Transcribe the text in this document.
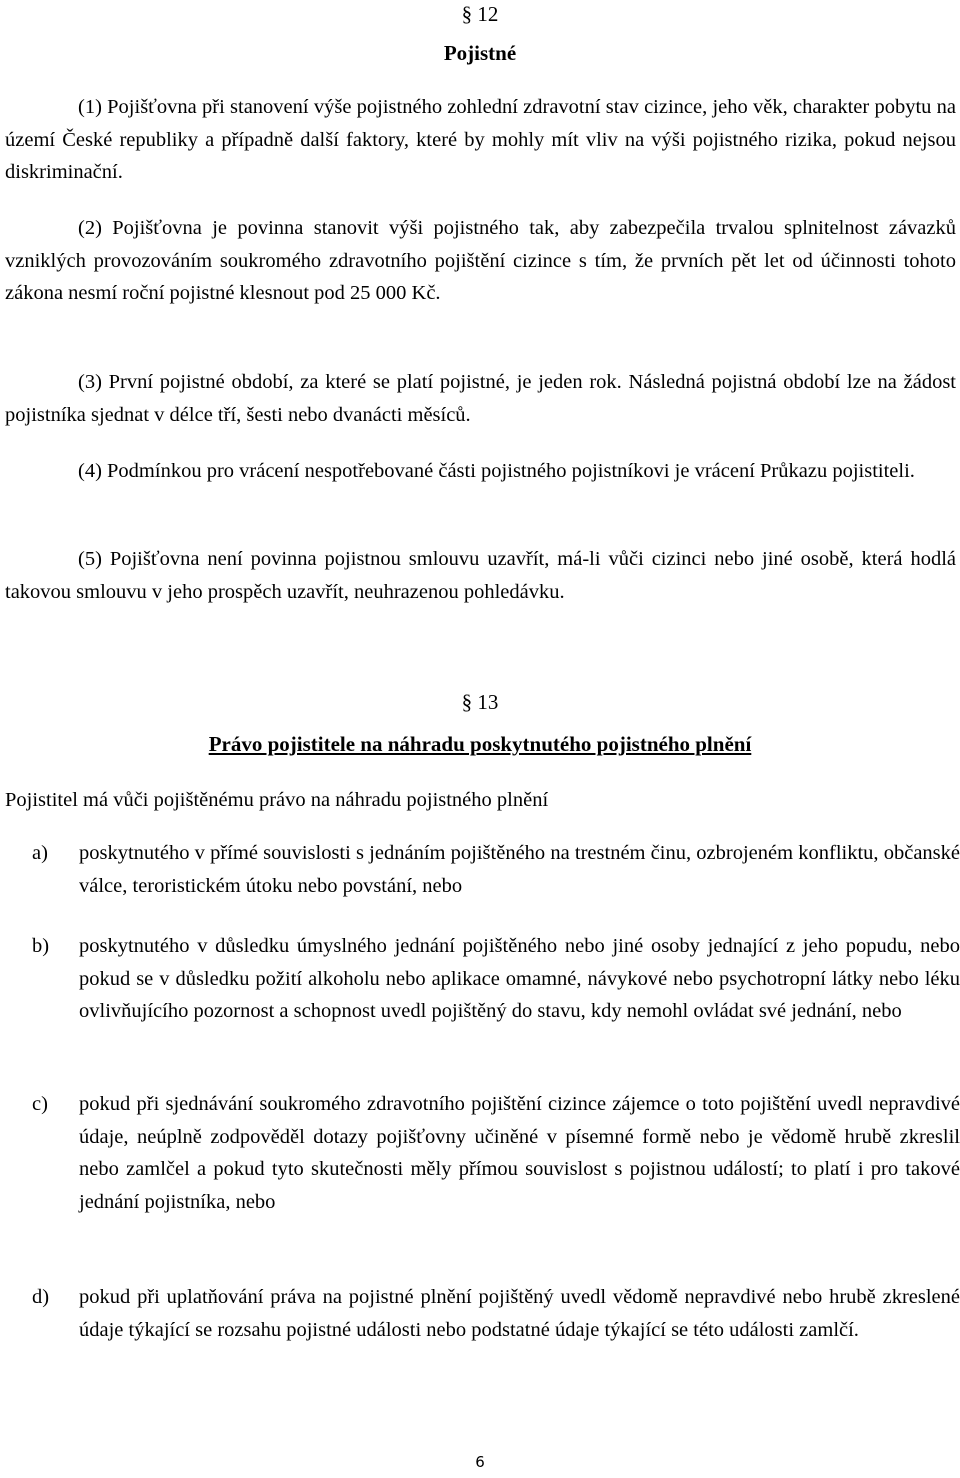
§ 12
Pojistné
(1) Pojišťovna při stanovení výše pojistného zohlední zdravotní stav cizince, jeho věk, charakter pobytu na území České republiky a případně další faktory, které by mohly mít vliv na výši pojistného rizika, pokud nejsou diskriminační.
(2) Pojišťovna je povinna stanovit výši pojistného tak, aby zabezpečila trvalou splnitelnost závazků vzniklých provozováním soukromého zdravotního pojištění cizince s tím, že prvních pět let od účinnosti tohoto zákona nesmí roční pojistné klesnout pod 25 000 Kč.
(3) První pojistné období, za které se platí pojistné, je jeden rok. Následná pojistná období lze na žádost pojistníka sjednat v délce tří, šesti nebo dvanácti měsíců.
(4) Podmínkou pro vrácení nespotřebované části pojistného pojistníkovi je vrácení Průkazu pojistiteli.
(5) Pojišťovna není povinna pojistnou smlouvu uzavřít, má-li vůči cizinci nebo jiné osobě, která hodlá takovou smlouvu v jeho prospěch uzavřít, neuhrazenou pohledávku.
§ 13
Právo pojistitele na náhradu poskytnutého pojistného plnění
Pojistitel má vůči pojištěnému právo na náhradu pojistného plnění
a) poskytnutého v přímé souvislosti s jednáním pojištěného na trestném činu, ozbrojeném konfliktu, občanské válce, teroristickém útoku nebo povstání, nebo
b) poskytnutého v důsledku úmyslného jednání pojištěného nebo jiné osoby jednající z jeho popudu, nebo pokud se v důsledku požití alkoholu nebo aplikace omamné, návykové nebo psychotropní látky nebo léku ovlivňujícího pozornost a schopnost uvedl pojištěný do stavu, kdy nemohl ovládat své jednání, nebo
c) pokud při sjednávání soukromého zdravotního pojištění cizince zájemce o toto pojištění uvedl nepravdivé údaje, neúplně zodpověděl dotazy pojišťovny učiněné v písemné formě nebo je vědomě hrubě zkreslil nebo zamlčel a pokud tyto skutečnosti měly přímou souvislost s pojistnou událostí; to platí i pro takové jednání pojistníka, nebo
d) pokud při uplatňování práva na pojistné plnění pojištěný uvedl vědomě nepravdivé nebo hrubě zkreslené údaje týkající se rozsahu pojistné události nebo podstatné údaje týkající se této události zamlčí.
6
